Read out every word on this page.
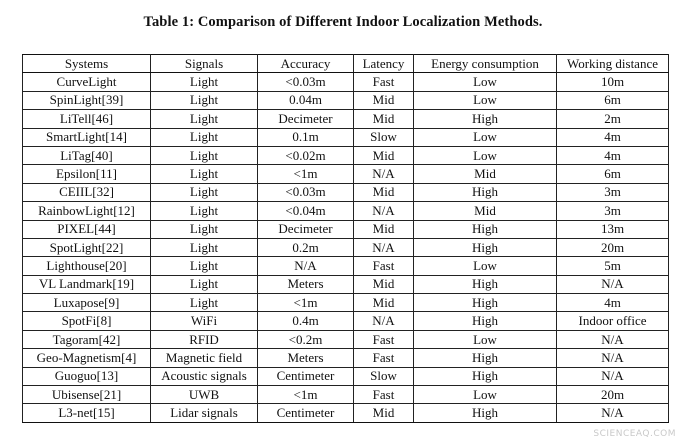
Table 1: Comparison of Different Indoor Localization Methods.
Systems	Signals	Accuracy	Latency	Energy consumption	Working distance
CurveLight	Light	<0.03m	Fast	Low	10m
SpinLight[39]	Light	0.04m	Mid	Low	6m
LiTell[46]	Light	Decimeter	Mid	High	2m
SmartLight[14]	Light	0.1m	Slow	Low	4m
LiTag[40]	Light	<0.02m	Mid	Low	4m
Epsilon[11]	Light	<1m	N/A	Mid	6m
CEIIL[32]	Light	<0.03m	Mid	High	3m
RainbowLight[12]	Light	<0.04m	N/A	Mid	3m
PIXEL[44]	Light	Decimeter	Mid	High	13m
SpotLight[22]	Light	0.2m	N/A	High	20m
Lighthouse[20]	Light	N/A	Fast	Low	5m
VL Landmark[19]	Light	Meters	Mid	High	N/A
Luxapose[9]	Light	<1m	Mid	High	4m
SpotFi[8]	WiFi	0.4m	N/A	High	Indoor office
Tagoram[42]	RFID	<0.2m	Fast	Low	N/A
Geo-Magnetism[4]	Magnetic field	Meters	Fast	High	N/A
Guoguo[13]	Acoustic signals	Centimeter	Slow	High	N/A
Ubisense[21]	UWB	<1m	Fast	Low	20m
L3-net[15]	Lidar signals	Centimeter	Mid	High	N/A
SCIENCEAQ.COM
